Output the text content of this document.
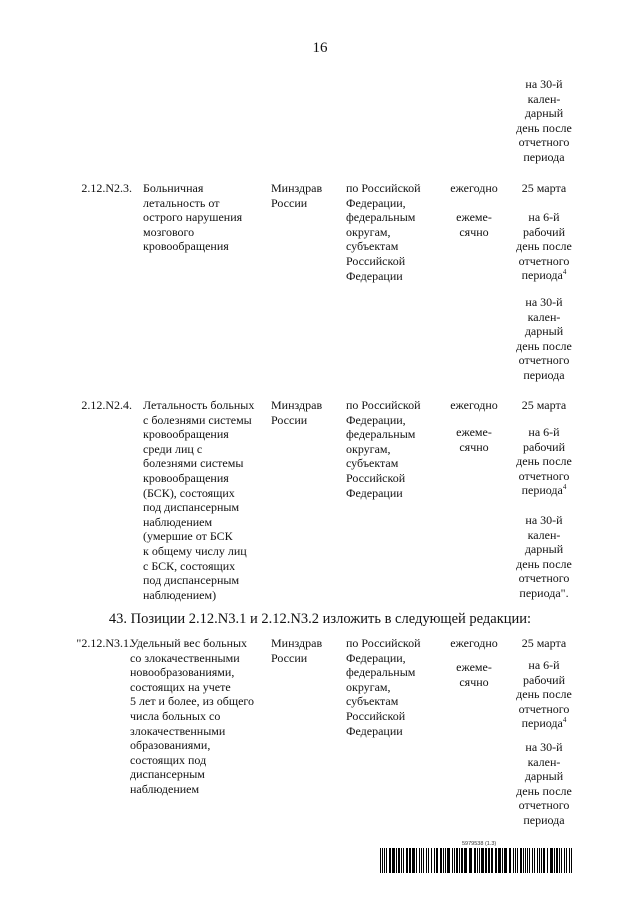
16
на 30-й
кален-
дарный
день после
отчетного
периода
2.12.N2.3. Больничная
летальность от
острого нарушения
мозгового
кровообращения
Минздрав
России
по Российской
Федерации,
федеральным
округам,
субъектам
Российской
Федерации
ежегодно
ежеме-
сячно
25 марта
на 6-й
рабочий
день после
отчетного
периода$^4$
на 30-й
кален-
дарный
день после
отчетного
периода
2.12.N2.4. Летальность больных
с болезнями системы
кровообращения
среди лиц с
болезнями системы
кровообращения
(БСК), состоящих
под диспансерным
наблюдением
(умершие от БСК
к общему числу лиц
с БСК, состоящих
под диспансерным
наблюдением)
Минздрав
России
по Российской
Федерации,
федеральным
округам,
субъектам
Российской
Федерации
ежегодно
ежеме-
сячно
25 марта
на 6-й
рабочий
день после
отчетного
периода$^4$
на 30-й
кален-
дарный
день после
отчетного
периода".
43. Позиции 2.12.N3.1 и 2.12.N3.2 изложить в следующей редакции:
"2.12.N3.1.
Удельный вес больных
со злокачественными
новообразованиями,
состоящих на учете
5 лет и более, из общего
числа больных со
злокачественными
образованиями,
состоящих под
диспансерным
наблюдением
Минздрав
России
по Российской
Федерации,
федеральным
округам,
субъектам
Российской
Федерации
ежегодно
ежеме-
сячно
25 марта
на 6-й
рабочий
день после
отчетного
периода$^4$
на 30-й
кален-
дарный
день после
отчетного
периода
5979538 (1.3)
